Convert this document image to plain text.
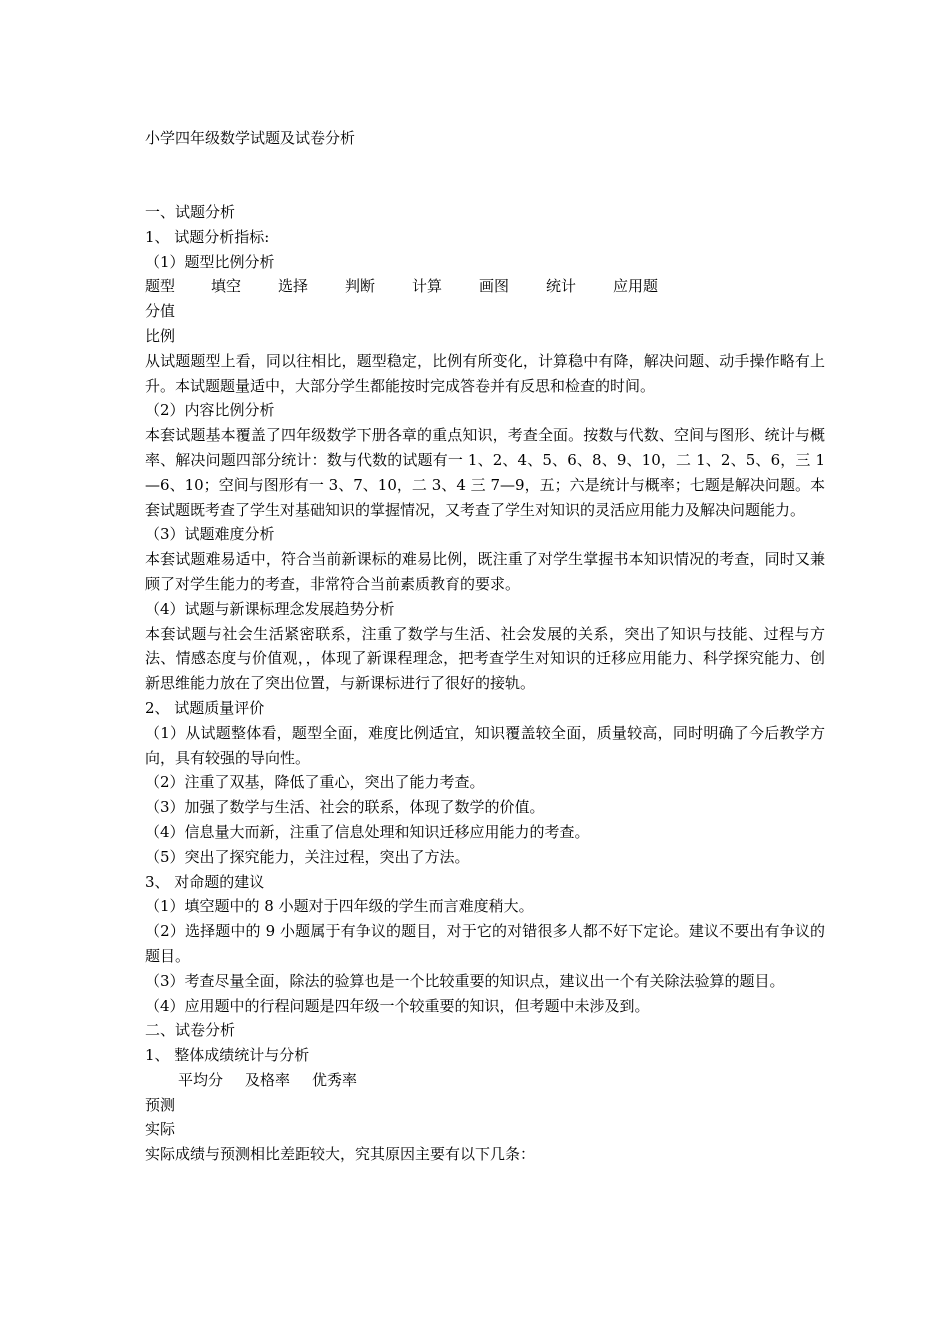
小学四年级数学试题及试卷分析

一、试题分析

1、 试题分析指标:

（1）题型比例分析

题型	填空	选择	判断	计算	画图	统计	应用题

分值

比例

从试题题型上看，同以往相比，题型稳定，比例有所变化，计算稳中有降，解决问题、动手操作略有上升。本试题题量适中，大部分学生都能按时完成答卷并有反思和检查的时间。

（2）内容比例分析

本套试题基本覆盖了四年级数学下册各章的重点知识，考查全面。按数与代数、空间与图形、统计与概率、解决问题四部分统计：数与代数的试题有一 1、2、4、5、6、8、9、10，二 1、2、5、6，三 1—6、10；空间与图形有一 3、7、10，二 3、4 三 7—9，五；六是统计与概率；七题是解决问题。本套试题既考查了学生对基础知识的掌握情况，又考查了学生对知识的灵活应用能力及解决问题能力。

（3）试题难度分析

本套试题难易适中，符合当前新课标的难易比例，既注重了对学生掌握书本知识情况的考查，同时又兼顾了对学生能力的考查，非常符合当前素质教育的要求。

（4）试题与新课标理念发展趋势分析

本套试题与社会生活紧密联系，注重了数学与生活、社会发展的关系，突出了知识与技能、过程与方法、情感态度与价值观，，体现了新课程理念，把考查学生对知识的迁移应用能力、科学探究能力、创新思维能力放在了突出位置，与新课标进行了很好的接轨。

2、 试题质量评价

（1）从试题整体看，题型全面，难度比例适宜，知识覆盖较全面，质量较高，同时明确了今后教学方向，具有较强的导向性。

（2）注重了双基，降低了重心，突出了能力考查。

（3）加强了数学与生活、社会的联系，体现了数学的价值。

（4）信息量大而新，注重了信息处理和知识迁移应用能力的考查。

（5）突出了探究能力，关注过程，突出了方法。

3、 对命题的建议

（1）填空题中的 8 小题对于四年级的学生而言难度稍大。

（2）选择题中的 9 小题属于有争议的题目，对于它的对错很多人都不好下定论。建议不要出有争议的题目。

（3）考查尽量全面，除法的验算也是一个比较重要的知识点，建议出一个有关除法验算的题目。

（4）应用题中的行程问题是四年级一个较重要的知识，但考题中未涉及到。

二、试卷分析

1、 整体成绩统计与分析

平均分	及格率	优秀率

预测

实际

实际成绩与预测相比差距较大，究其原因主要有以下几条：
